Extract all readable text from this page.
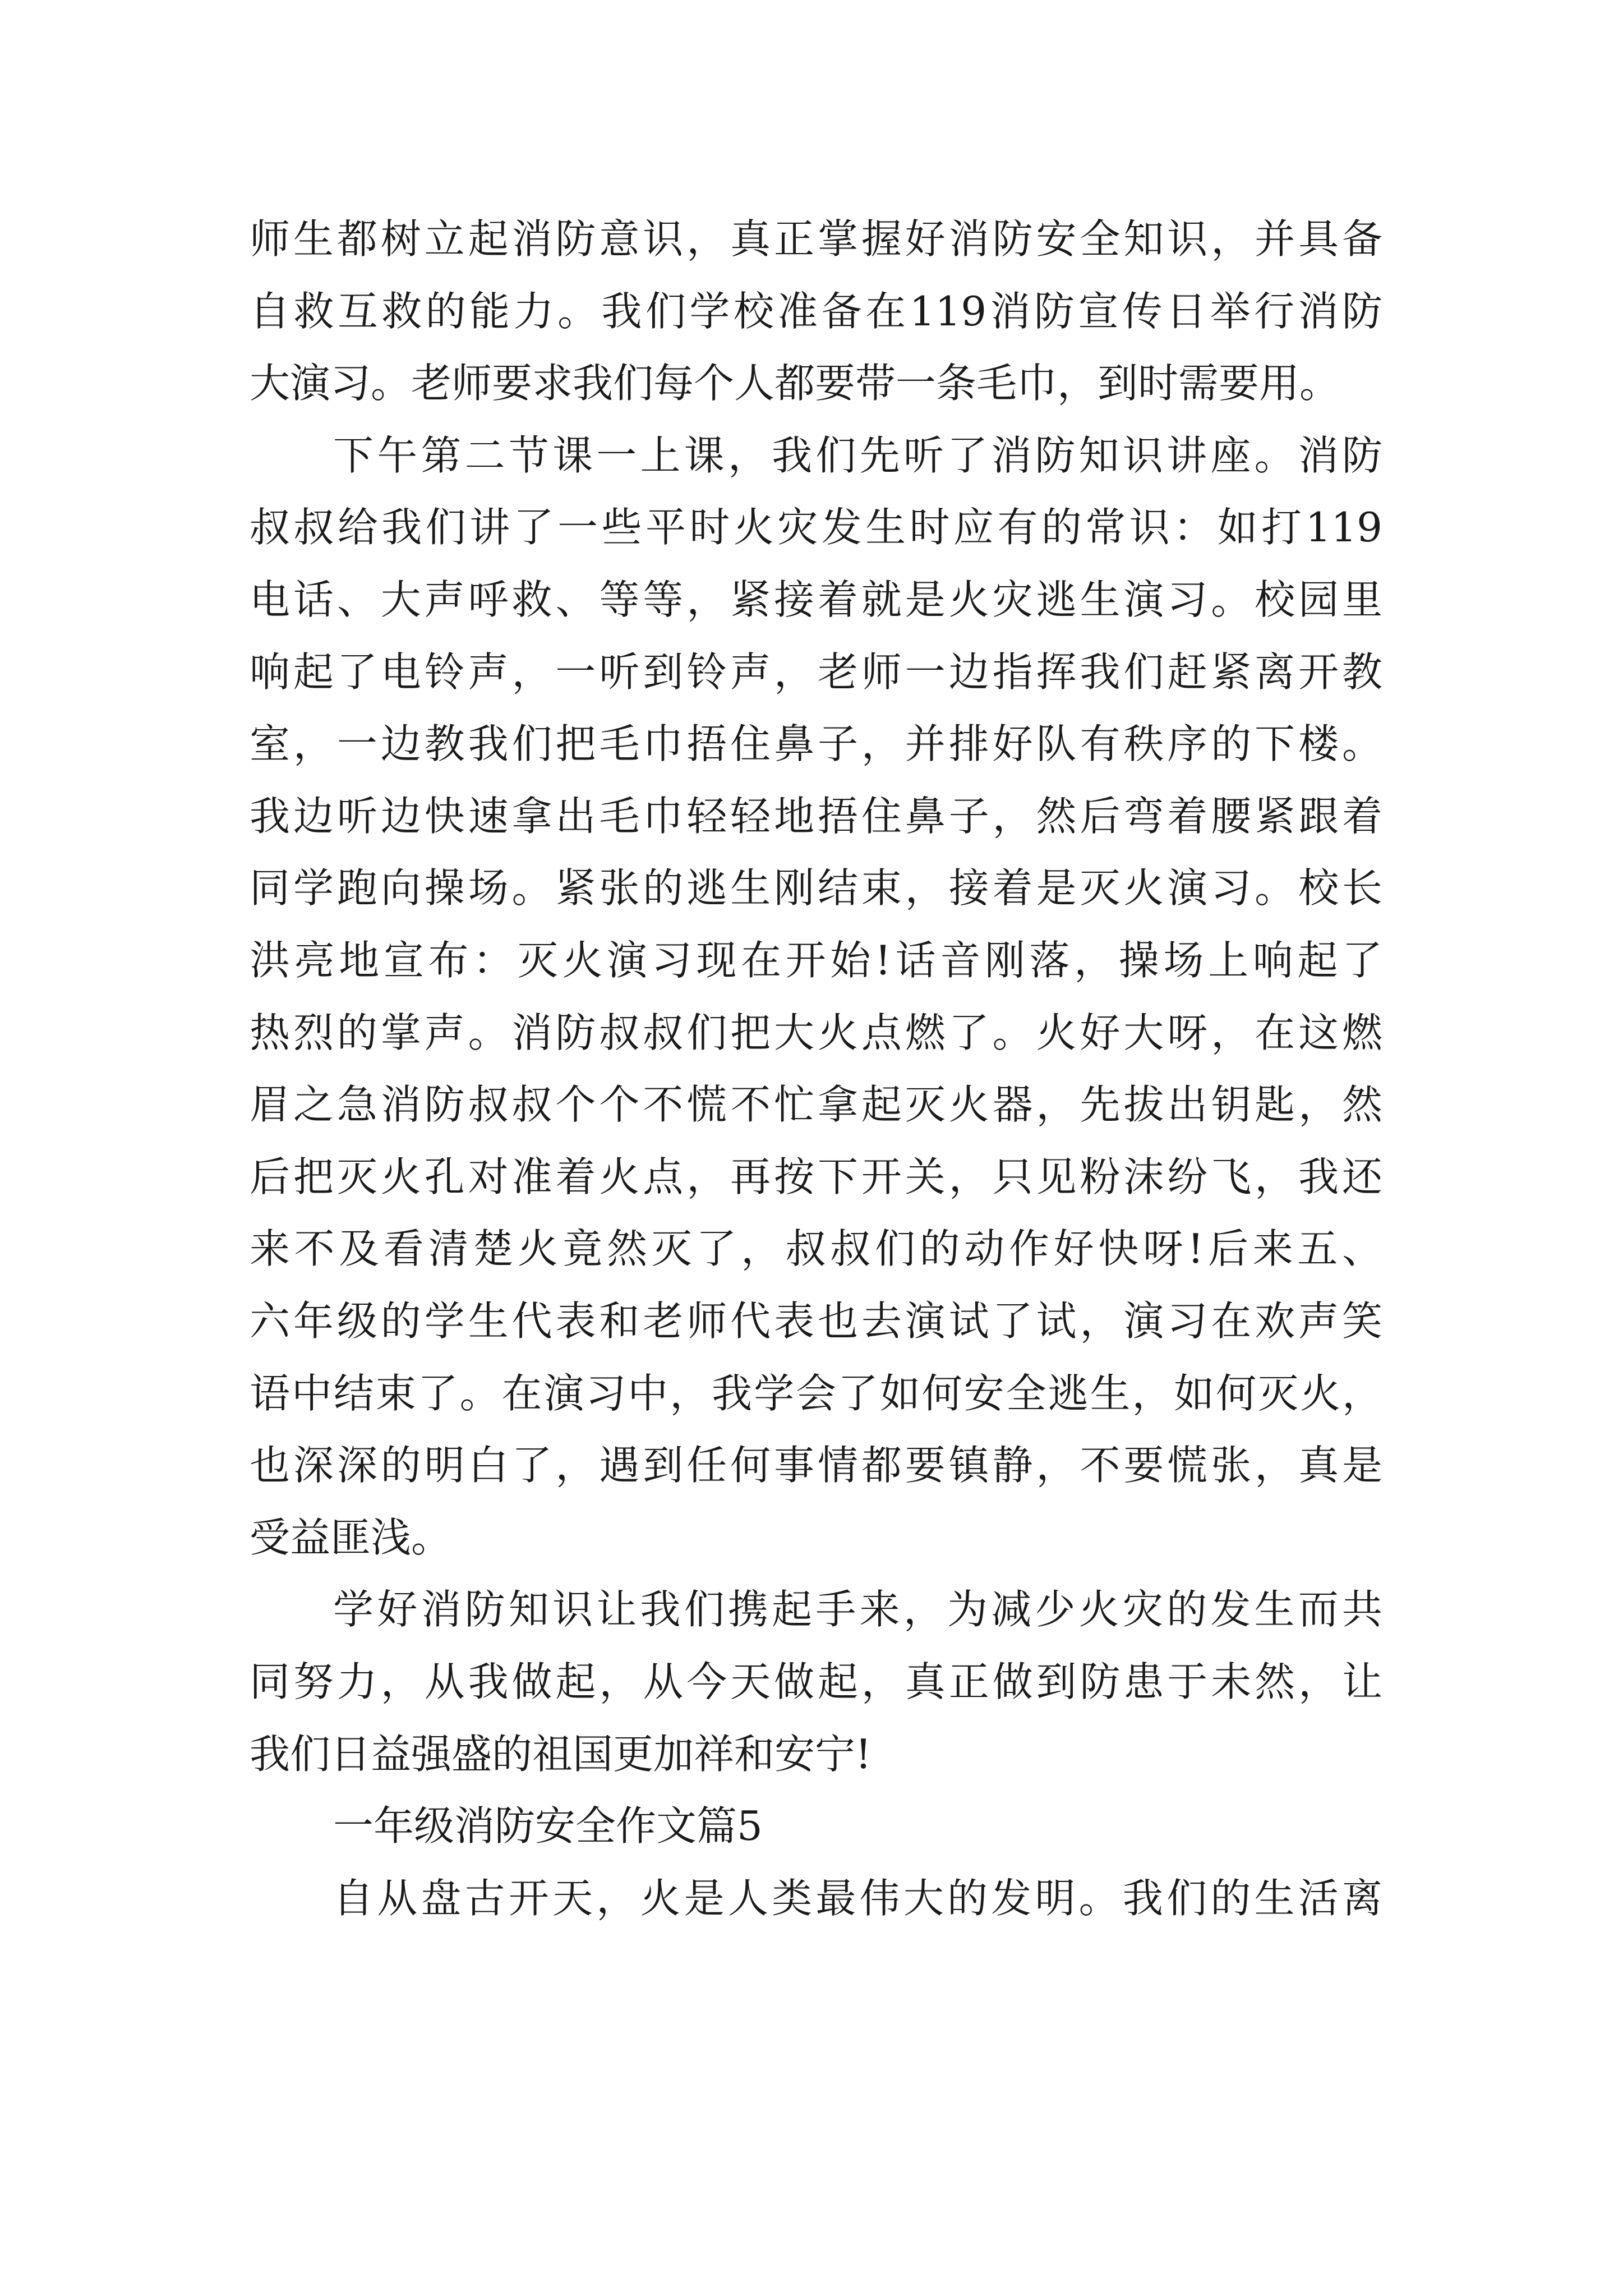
师生都树立起消防意识，真正掌握好消防安全知识，并具备
自救互救的能力。我们学校准备在119消防宣传日举行消防
大演习。老师要求我们每个人都要带一条毛巾，到时需要用。
下午第二节课一上课，我们先听了消防知识讲座。消防
叔叔给我们讲了一些平时火灾发生时应有的常识：如打119
电话、大声呼救、等等，紧接着就是火灾逃生演习。校园里
响起了电铃声，一听到铃声，老师一边指挥我们赶紧离开教
室，一边教我们把毛巾捂住鼻子，并排好队有秩序的下楼。
我边听边快速拿出毛巾轻轻地捂住鼻子，然后弯着腰紧跟着
同学跑向操场。紧张的逃生刚结束，接着是灭火演习。校长
洪亮地宣布：灭火演习现在开始!话音刚落，操场上响起了
热烈的掌声。消防叔叔们把大火点燃了。火好大呀，在这燃
眉之急消防叔叔个个不慌不忙拿起灭火器，先拔出钥匙，然
后把灭火孔对准着火点，再按下开关，只见粉沫纷飞，我还
来不及看清楚火竟然灭了，叔叔们的动作好快呀!后来五、
六年级的学生代表和老师代表也去演试了试，演习在欢声笑
语中结束了。在演习中，我学会了如何安全逃生，如何灭火，
也深深的明白了，遇到任何事情都要镇静，不要慌张，真是
受益匪浅。
学好消防知识让我们携起手来，为减少火灾的发生而共
同努力，从我做起，从今天做起，真正做到防患于未然，让
我们日益强盛的祖国更加祥和安宁!
一年级消防安全作文篇5
自从盘古开天，火是人类最伟大的发明。我们的生活离
